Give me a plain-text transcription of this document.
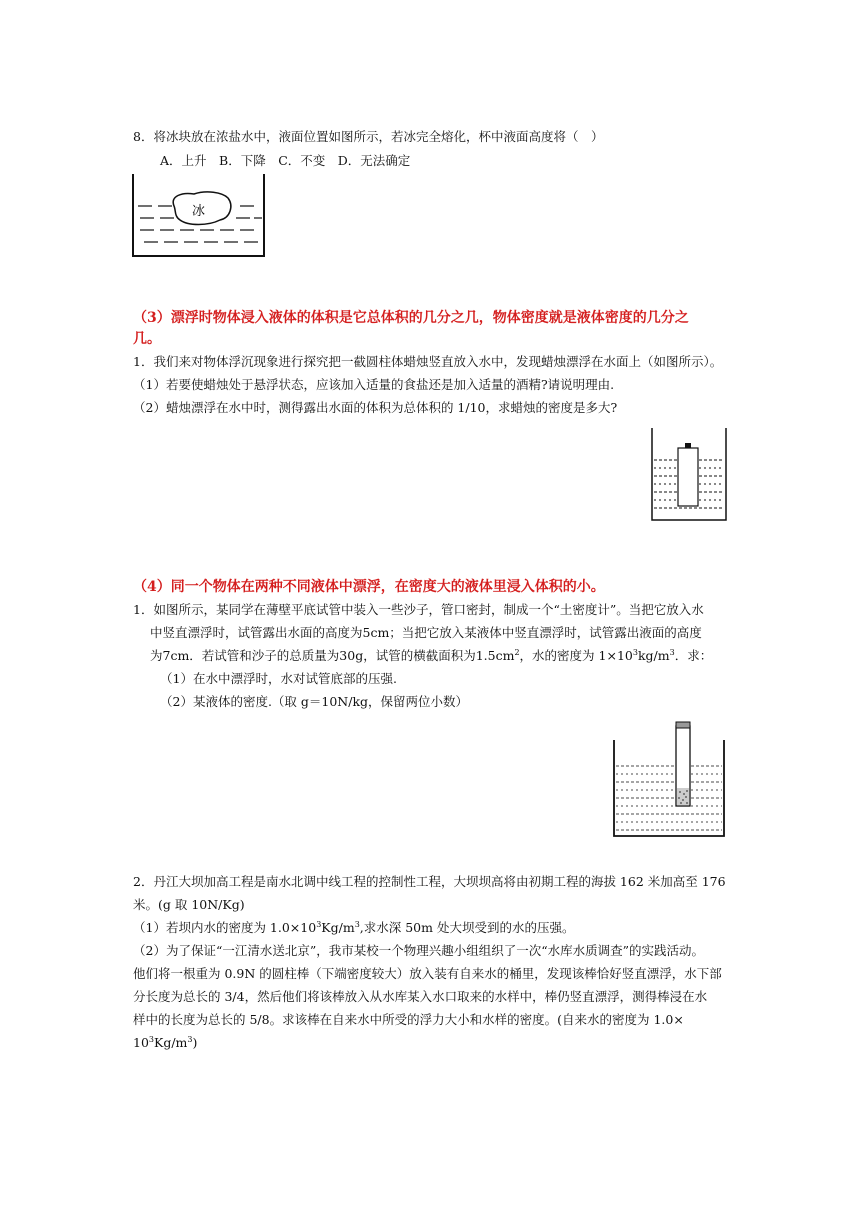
8．将冰块放在浓盐水中，液面位置如图所示，若冰完全熔化，杯中液面高度将（　）
A．上升　B．下降　C．不变　D．无法确定
冰
（3）漂浮时物体浸入液体的体积是它总体积的几分之几，物体密度就是液体密度的几分之
几。
1．我们来对物体浮沉现象进行探究把一截圆柱体蜡烛竖直放入水中，发现蜡烛漂浮在水面上（如图所示）。
（1）若要使蜡烛处于悬浮状态，应该加入适量的食盐还是加入适量的酒精?请说明理由.
（2）蜡烛漂浮在水中时，测得露出水面的体积为总体积的 1/10，求蜡烛的密度是多大?
（4）同一个物体在两种不同液体中漂浮，在密度大的液体里浸入体积的小。
1．如图所示，某同学在薄壁平底试管中装入一些沙子，管口密封，制成一个“土密度计”。当把它放入水
中竖直漂浮时，试管露出水面的高度为5cm；当把它放入某液体中竖直漂浮时，试管露出液面的高度
为7cm．若试管和沙子的总质量为30g，试管的横截面积为$1.5cm^2$，水的密度为 $1\times 10^3kg/m^3$．求：
（1）在水中漂浮时，水对试管底部的压强.
（2）某液体的密度.（取 g＝10N/kg，保留两位小数）
2．丹江大坝加高工程是南水北调中线工程的控制性工程，大坝坝高将由初期工程的海拔 162 米加高至 176
米。(g 取 10N/Kg)
（1）若坝内水的密度为 $1.0\times 10^3Kg/m^3$,求水深 50m 处大坝受到的水的压强。
（2）为了保证“一江清水送北京”，我市某校一个物理兴趣小组组织了一次“水库水质调查”的实践活动。
他们将一根重为 0.9N 的圆柱棒（下端密度较大）放入装有自来水的桶里，发现该棒恰好竖直漂浮，水下部
分长度为总长的 3/4，然后他们将该棒放入从水库某入水口取来的水样中，棒仍竖直漂浮，测得棒浸在水
样中的长度为总长的 5/8。求该棒在自来水中所受的浮力大小和水样的密度。(自来水的密度为 1.0×
$10^3Kg/m^3$)
